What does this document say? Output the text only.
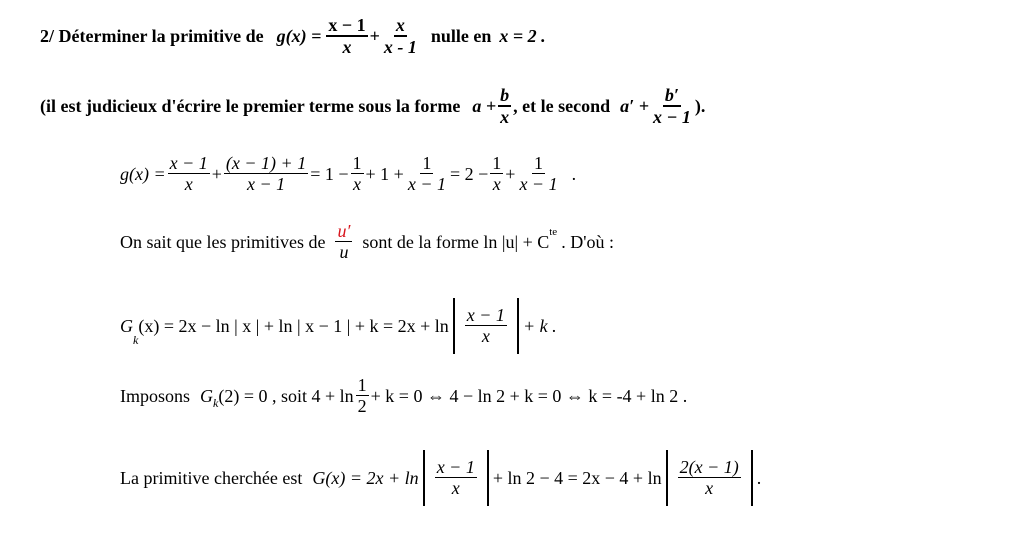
2/ Déterminer la primitive de $g(x) = \frac{x - 1}{x} + \frac{x}{x - 1}$ nulle en x = 2 .
(il est judicieux d'écrire le premier terme sous la forme $a + \frac{b}{x}$ , et le second $a' + \frac{b'}{x - 1}$ ).
$g(x) = \frac{x - 1}{x} + \frac{(x - 1) + 1}{x - 1} = 1 - \frac{1}{x} + 1 + \frac{1}{x - 1} = 2 - \frac{1}{x} + \frac{1}{x - 1}$ .
On sait que les primitives de $\frac{u'}{u}$ sont de la forme $\ln |u| + C^{te}$ . D'où :
G
$_k$
(x) = 2x − ln | x | + ln | x − 1 | + $k = 2x + \ln \frac{x - 1}{x} + k$ .
Imposons $G_k$ (2) = 0 , soit $4 + \ln \frac{1}{2} + k = 0$ ⇔ 4 − ln 2 + k = 0 ⇔ k = -4 + ln 2 .
La primitive cherchée est $G(x) = 2x + \ln \frac{x - 1}{x} + \ln 2 - 4 = 2x - 4 + \ln \frac{2(x - 1)}{x}$ .
